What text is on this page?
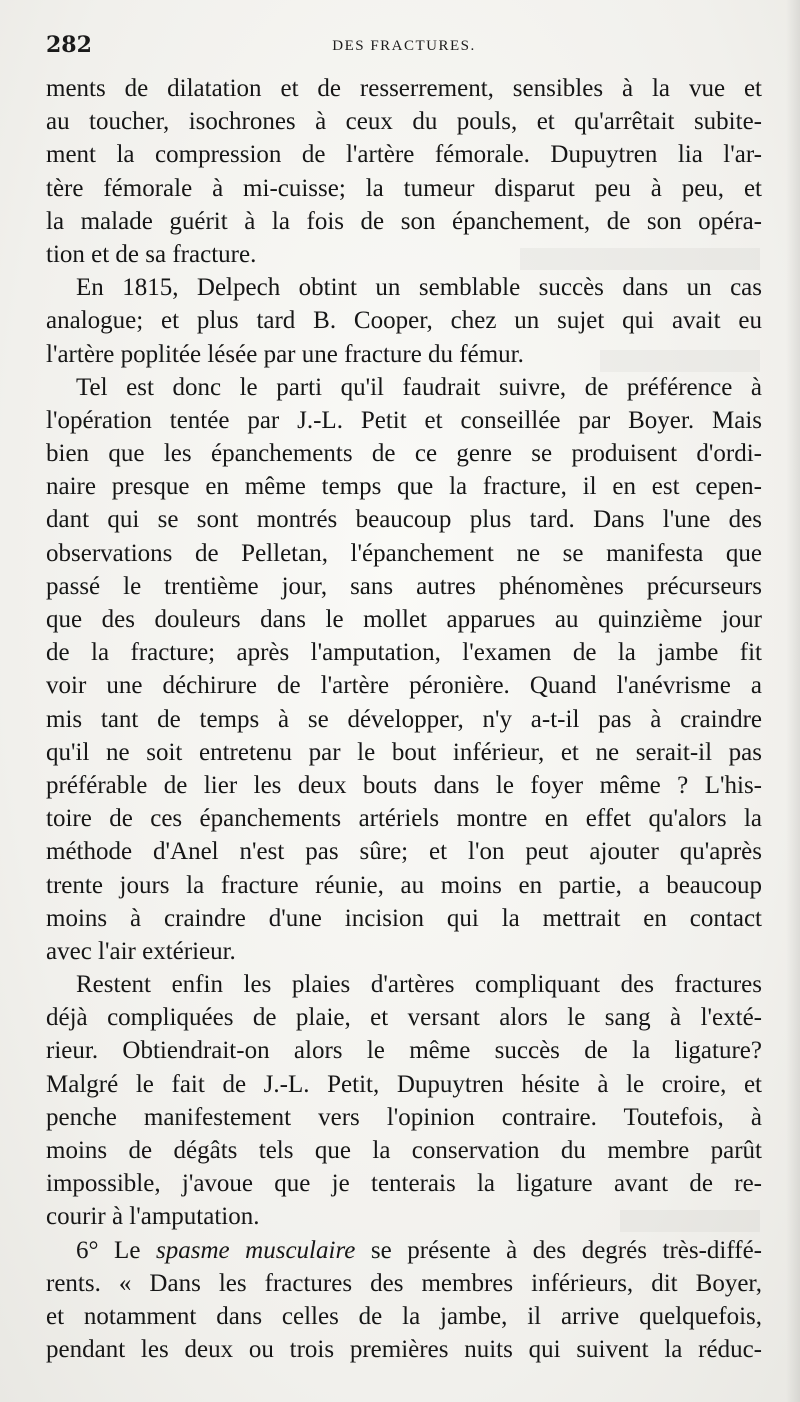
282	DES FRACTURES.
ments de dilatation et de resserrement, sensibles à la vue et
au toucher, isochrones à ceux du pouls, et qu'arrêtait subite-
ment la compression de l'artère fémorale. Dupuytren lia l'ar-
tère fémorale à mi-cuisse; la tumeur disparut peu à peu, et
la malade guérit à la fois de son épanchement, de son opéra-
tion et de sa fracture.
En 1815, Delpech obtint un semblable succès dans un cas
analogue; et plus tard B. Cooper, chez un sujet qui avait eu
l'artère poplitée lésée par une fracture du fémur.
Tel est donc le parti qu'il faudrait suivre, de préférence à
l'opération tentée par J.-L. Petit et conseillée par Boyer. Mais
bien que les épanchements de ce genre se produisent d'ordi-
naire presque en même temps que la fracture, il en est cepen-
dant qui se sont montrés beaucoup plus tard. Dans l'une des
observations de Pelletan, l'épanchement ne se manifesta que
passé le trentième jour, sans autres phénomènes précurseurs
que des douleurs dans le mollet apparues au quinzième jour
de la fracture; après l'amputation, l'examen de la jambe fit
voir une déchirure de l'artère péronière. Quand l'anévrisme a
mis tant de temps à se développer, n'y a-t-il pas à craindre
qu'il ne soit entretenu par le bout inférieur, et ne serait-il pas
préférable de lier les deux bouts dans le foyer même ? L'his-
toire de ces épanchements artériels montre en effet qu'alors la
méthode d'Anel n'est pas sûre; et l'on peut ajouter qu'après
trente jours la fracture réunie, au moins en partie, a beaucoup
moins à craindre d'une incision qui la mettrait en contact
avec l'air extérieur.
Restent enfin les plaies d'artères compliquant des fractures
déjà compliquées de plaie, et versant alors le sang à l'exté-
rieur. Obtiendrait-on alors le même succès de la ligature?
Malgré le fait de J.-L. Petit, Dupuytren hésite à le croire, et
penche manifestement vers l'opinion contraire. Toutefois, à
moins de dégâts tels que la conservation du membre parût
impossible, j'avoue que je tenterais la ligature avant de re-
courir à l'amputation.
6° Le spasme musculaire se présente à des degrés très-diffé-
rents. « Dans les fractures des membres inférieurs, dit Boyer,
et notamment dans celles de la jambe, il arrive quelquefois,
pendant les deux ou trois premières nuits qui suivent la réduc-
